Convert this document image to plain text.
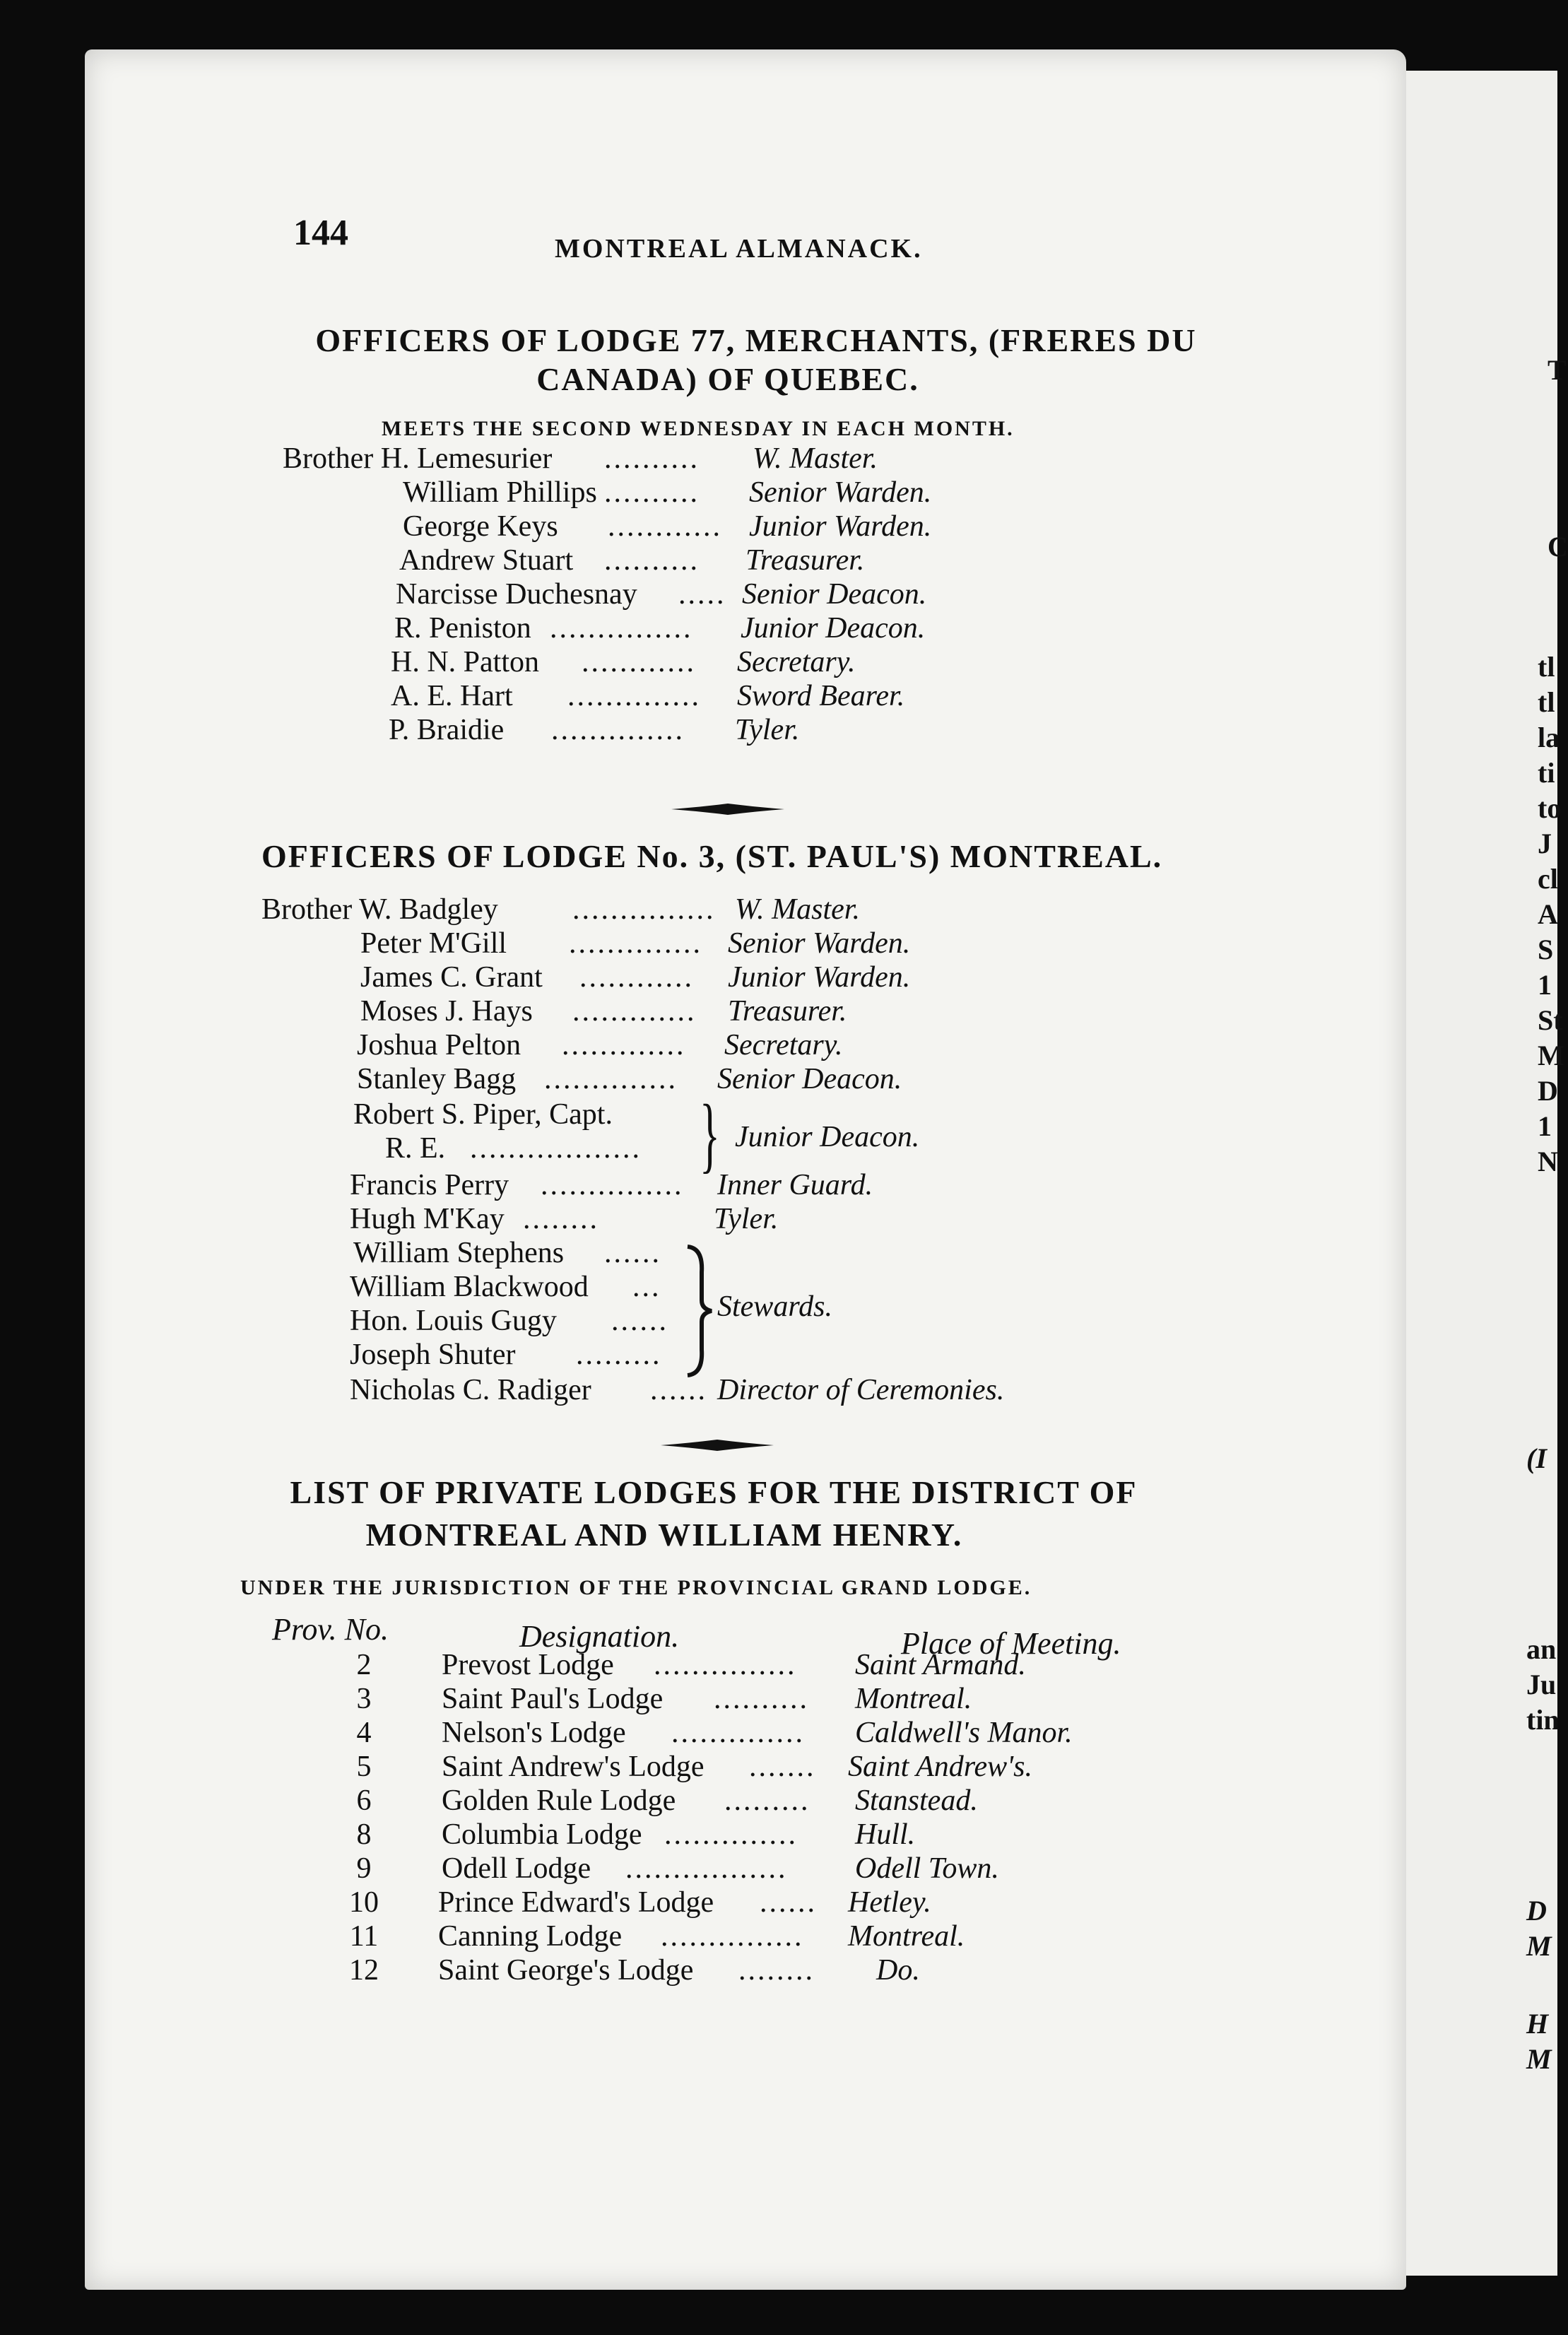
T
C
tl
tl
la
ti
to
J
cl
A
S
1
St
M
D
1
N
(I
an
Ju
tin
D
M
H
M
144	MONTREAL ALMANACK.
OFFICERS OF LODGE 77, MERCHANTS, (FRERES DU
CANADA) OF QUEBEC.
MEETS THE SECOND WEDNESDAY IN EACH MONTH.
Brother H. Lemesurier .......... W. Master.
William Phillips .......... Senior Warden.
George Keys ............ Junior Warden.
Andrew Stuart .......... Treasurer.
Narcisse Duchesnay ..... Senior Deacon.
R. Peniston ............... Junior Deacon.
H. N. Patton ............ Secretary.
A. E. Hart .............. Sword Bearer.
P. Braidie .............. Tyler.
OFFICERS OF LODGE No. 3, (ST. PAUL'S) MONTREAL.
Brother W. Badgley	............... W. Master.
Peter M'Gill .............. Senior Warden.
James C. Grant ............ Junior Warden.
Moses J. Hays ............. Treasurer.
Joshua Pelton ............. Secretary.
Stanley Bagg .............. Senior Deacon.
Robert S. Piper, Capt.
R. E. .................. } Junior Deacon.
Francis Perry ............... Inner Guard.
Hugh M'Kay ........	Tyler.
William Stephens ......
William Blackwood ...
Hon. Louis Gugy ......
Joseph Shuter .........
Stewards.
Nicholas C. Radiger ...... Director of Ceremonies.
LIST OF PRIVATE LODGES FOR THE DISTRICT OF
MONTREAL AND WILLIAM HENRY.
UNDER THE JURISDICTION OF THE PROVINCIAL GRAND LODGE.
Prov. No.	Designation.	Place of Meeting.
2	Prevost Lodge ............... Saint Armand.
3	Saint Paul's Lodge .......... Montreal.
4	Nelson's Lodge .............. Caldwell's Manor.
5	Saint Andrew's Lodge ....... Saint Andrew's.
6	Golden Rule Lodge ......... Stanstead.
8	Columbia Lodge .............. Hull.
9	Odell Lodge ................. Odell Town.
10	Prince Edward's Lodge ...... Hetley.
11	Canning Lodge ............... Montreal.
12	Saint George's Lodge ........ Do.
